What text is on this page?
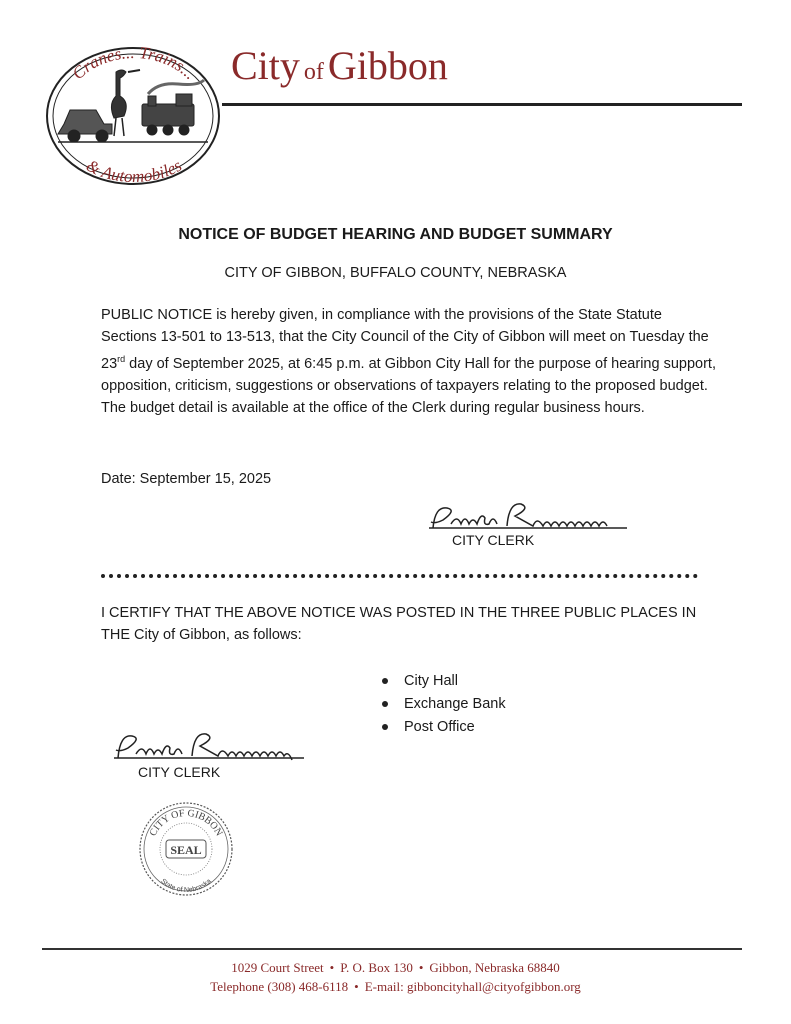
Cranes... Trains...
& Automobiles
City of Gibbon
NOTICE OF BUDGET HEARING AND BUDGET SUMMARY
CITY OF GIBBON, BUFFALO COUNTY, NEBRASKA
PUBLIC NOTICE is hereby given, in compliance with the provisions of the State Statute Sections 13-501 to 13-513, that the City Council of the City of Gibbon will meet on Tuesday the 23rd day of September 2025, at 6:45 p.m. at Gibbon City Hall for the purpose of hearing support, opposition, criticism, suggestions or observations of taxpayers relating to the proposed budget. The budget detail is available at the office of the Clerk during regular business hours.
Date: September 15, 2025
CITY CLERK
I CERTIFY THAT THE ABOVE NOTICE WAS POSTED IN THE THREE PUBLIC PLACES IN THE City of Gibbon, as follows:
City Hall
Exchange Bank
Post Office
CITY CLERK
CITY OF GIBBON
State of Nebraska
SEAL
1029 Court Street • P. O. Box 130 • Gibbon, Nebraska 68840
Telephone (308) 468-6118 • E-mail: gibboncityhall@cityofgibbon.org
